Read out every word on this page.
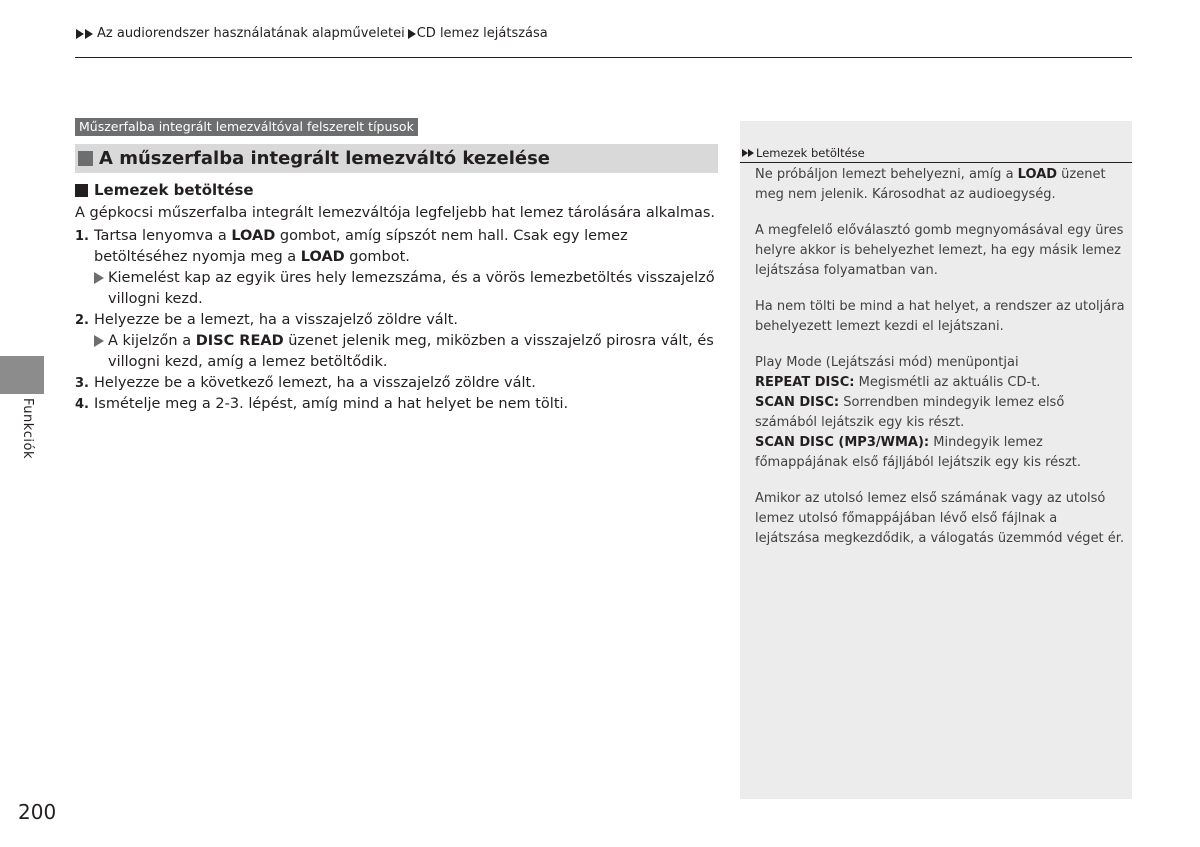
Az audiorendszer használatának alapműveletei CD lemez lejátszása
Funkciók
200
Műszerfalba integrált lemezváltóval felszerelt típusok
A műszerfalba integrált lemezváltó kezelése
Lemezek betöltése
A gépkocsi műszerfalba integrált lemezváltója legfeljebb hat lemez tárolására alkalmas.
1. Tartsa lenyomva a LOAD gombot, amíg sípszót nem hall. Csak egy lemez betöltéséhez nyomja meg a LOAD gombot.
Kiemelést kap az egyik üres hely lemezszáma, és a vörös lemezbetöltés visszajelző villogni kezd.
2. Helyezze be a lemezt, ha a visszajelző zöldre vált.
A kijelzőn a DISC READ üzenet jelenik meg, miközben a visszajelző pirosra vált, és villogni kezd, amíg a lemez betöltődik.
3. Helyezze be a következő lemezt, ha a visszajelző zöldre vált.
4. Ismételje meg a 2-3. lépést, amíg mind a hat helyet be nem tölti.
Lemezek betöltése

Ne próbáljon lemezt behelyezni, amíg a LOAD üzenet meg nem jelenik. Károsodhat az audioegység.

A megfelelő előválasztó gomb megnyomásával egy üres helyre akkor is behelyezhet lemezt, ha egy másik lemez lejátszása folyamatban van.

Ha nem tölti be mind a hat helyet, a rendszer az utoljára behelyezett lemezt kezdi el lejátszani.

Play Mode (Lejátszási mód) menüpontjai
REPEAT DISC: Megismétli az aktuális CD-t.
SCAN DISC: Sorrendben mindegyik lemez első számából lejátszik egy kis részt.
SCAN DISC (MP3/WMA): Mindegyik lemez főmappájának első fájljából lejátszik egy kis részt.

Amikor az utolsó lemez első számának vagy az utolsó lemez utolsó főmappájában lévő első fájlnak a lejátszása megkezdődik, a válogatás üzemmód véget ér.
